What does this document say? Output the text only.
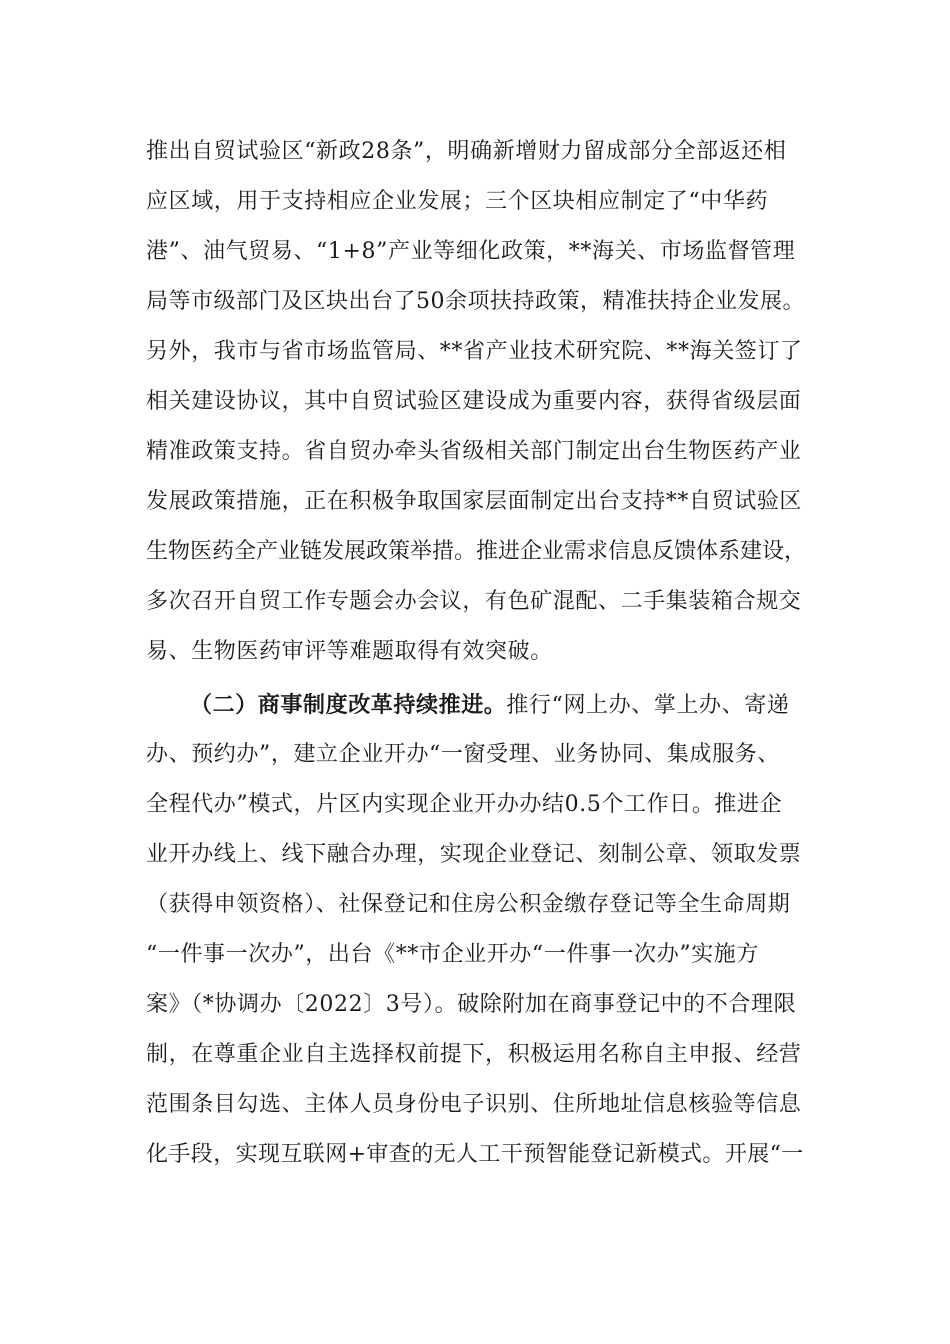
推出自贸试验区“新政28条”，明确新增财力留成部分全部返还相
应区域，用于支持相应企业发展；三个区块相应制定了“中华药
港”、油气贸易、“1+8”产业等细化政策，**海关、市场监督管理
局等市级部门及区块出台了50余项扶持政策，精准扶持企业发展。
另外，我市与省市场监管局、**省产业技术研究院、**海关签订了
相关建设协议，其中自贸试验区建设成为重要内容，获得省级层面
精准政策支持。省自贸办牵头省级相关部门制定出台生物医药产业
发展政策措施，正在积极争取国家层面制定出台支持**自贸试验区
生物医药全产业链发展政策举措。推进企业需求信息反馈体系建设，
多次召开自贸工作专题会办会议，有色矿混配、二手集装箱合规交
易、生物医药审评等难题取得有效突破。
（二）商事制度改革持续推进。推行“网上办、掌上办、寄递
办、预约办”，建立企业开办“一窗受理、业务协同、集成服务、
全程代办”模式，片区内实现企业开办办结0.5个工作日。推进企
业开办线上、线下融合办理，实现企业登记、刻制公章、领取发票
（获得申领资格）、社保登记和住房公积金缴存登记等全生命周期
“一件事一次办”，出台《**市企业开办“一件事一次办”实施方
案》（*协调办〔2022〕3号）。破除附加在商事登记中的不合理限
制，在尊重企业自主选择权前提下，积极运用名称自主申报、经营
范围条目勾选、主体人员身份电子识别、住所地址信息核验等信息
化手段，实现互联网+审查的无人工干预智能登记新模式。开展“一
